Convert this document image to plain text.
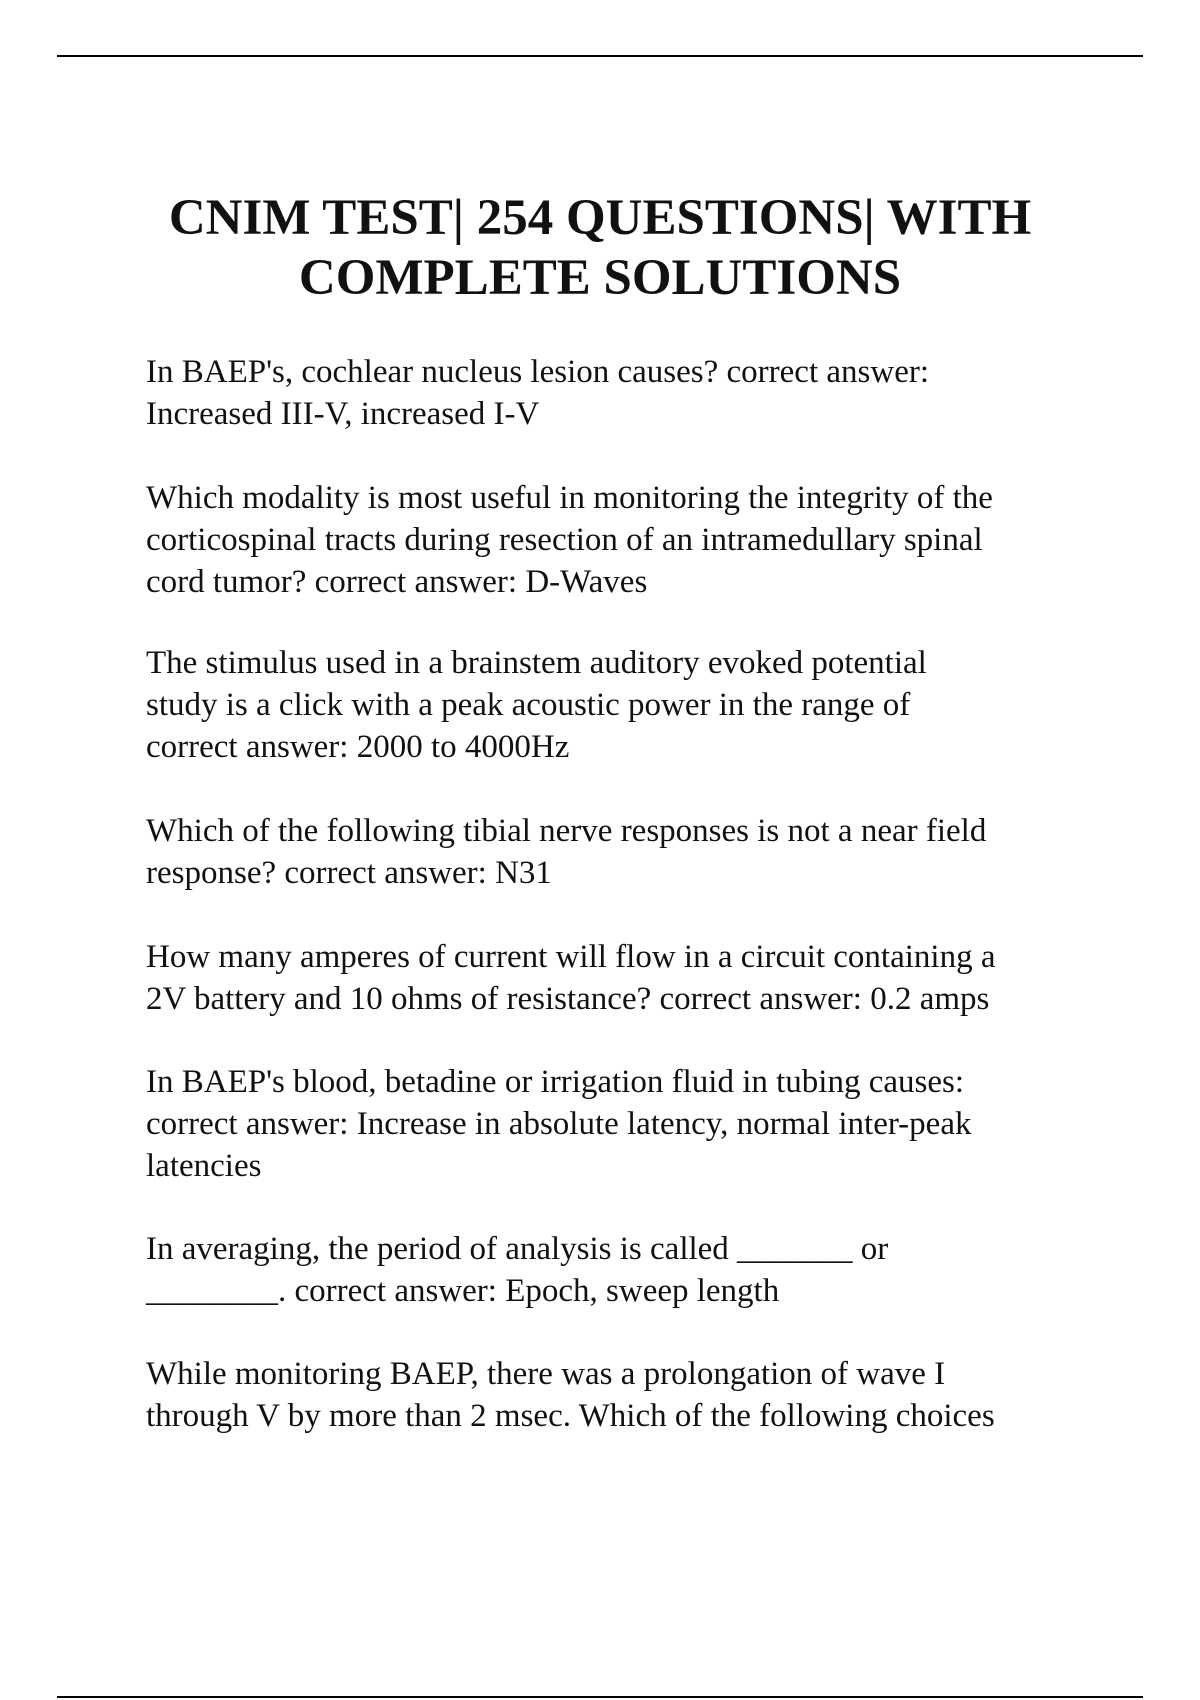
CNIM TEST| 254 QUESTIONS| WITH
COMPLETE SOLUTIONS
In BAEP's, cochlear nucleus lesion causes? correct answer:
Increased III-V, increased I-V
Which modality is most useful in monitoring the integrity of the
corticospinal tracts during resection of an intramedullary spinal
cord tumor? correct answer: D-Waves
The stimulus used in a brainstem auditory evoked potential
study is a click with a peak acoustic power in the range of
correct answer: 2000 to 4000Hz
Which of the following tibial nerve responses is not a near field
response? correct answer: N31
How many amperes of current will flow in a circuit containing a
2V battery and 10 ohms of resistance? correct answer: 0.2 amps
In BAEP's blood, betadine or irrigation fluid in tubing causes:
correct answer: Increase in absolute latency, normal inter-peak
latencies
In averaging, the period of analysis is called _______ or
________. correct answer: Epoch, sweep length
While monitoring BAEP, there was a prolongation of wave I
through V by more than 2 msec. Which of the following choices
